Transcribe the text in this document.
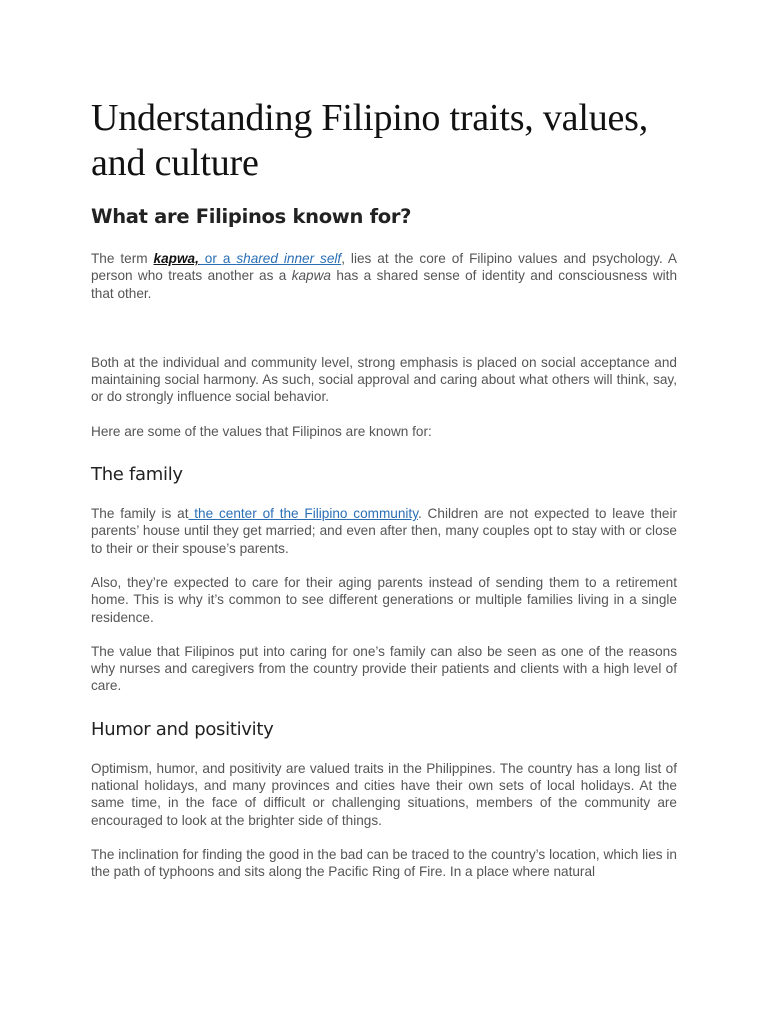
Understanding Filipino traits, values, and culture
What are Filipinos known for?

The term kapwa, or a shared inner self, lies at the core of Filipino values and psychology. A person who treats another as a kapwa has a shared sense of identity and consciousness with that other.

Both at the individual and community level, strong emphasis is placed on social acceptance and maintaining social harmony. As such, social approval and caring about what others will think, say, or do strongly influence social behavior.

Here are some of the values that Filipinos are known for:

The family

The family is at the center of the Filipino community. Children are not expected to leave their parents’ house until they get married; and even after then, many couples opt to stay with or close to their or their spouse’s parents.

Also, they’re expected to care for their aging parents instead of sending them to a retirement home. This is why it’s common to see different generations or multiple families living in a single residence.

The value that Filipinos put into caring for one’s family can also be seen as one of the reasons why nurses and caregivers from the country provide their patients and clients with a high level of care.

Humor and positivity

Optimism, humor, and positivity are valued traits in the Philippines. The country has a long list of national holidays, and many provinces and cities have their own sets of local holidays. At the same time, in the face of difficult or challenging situations, members of the community are encouraged to look at the brighter side of things.

The inclination for finding the good in the bad can be traced to the country’s location, which lies in the path of typhoons and sits along the Pacific Ring of Fire. In a place where natural
